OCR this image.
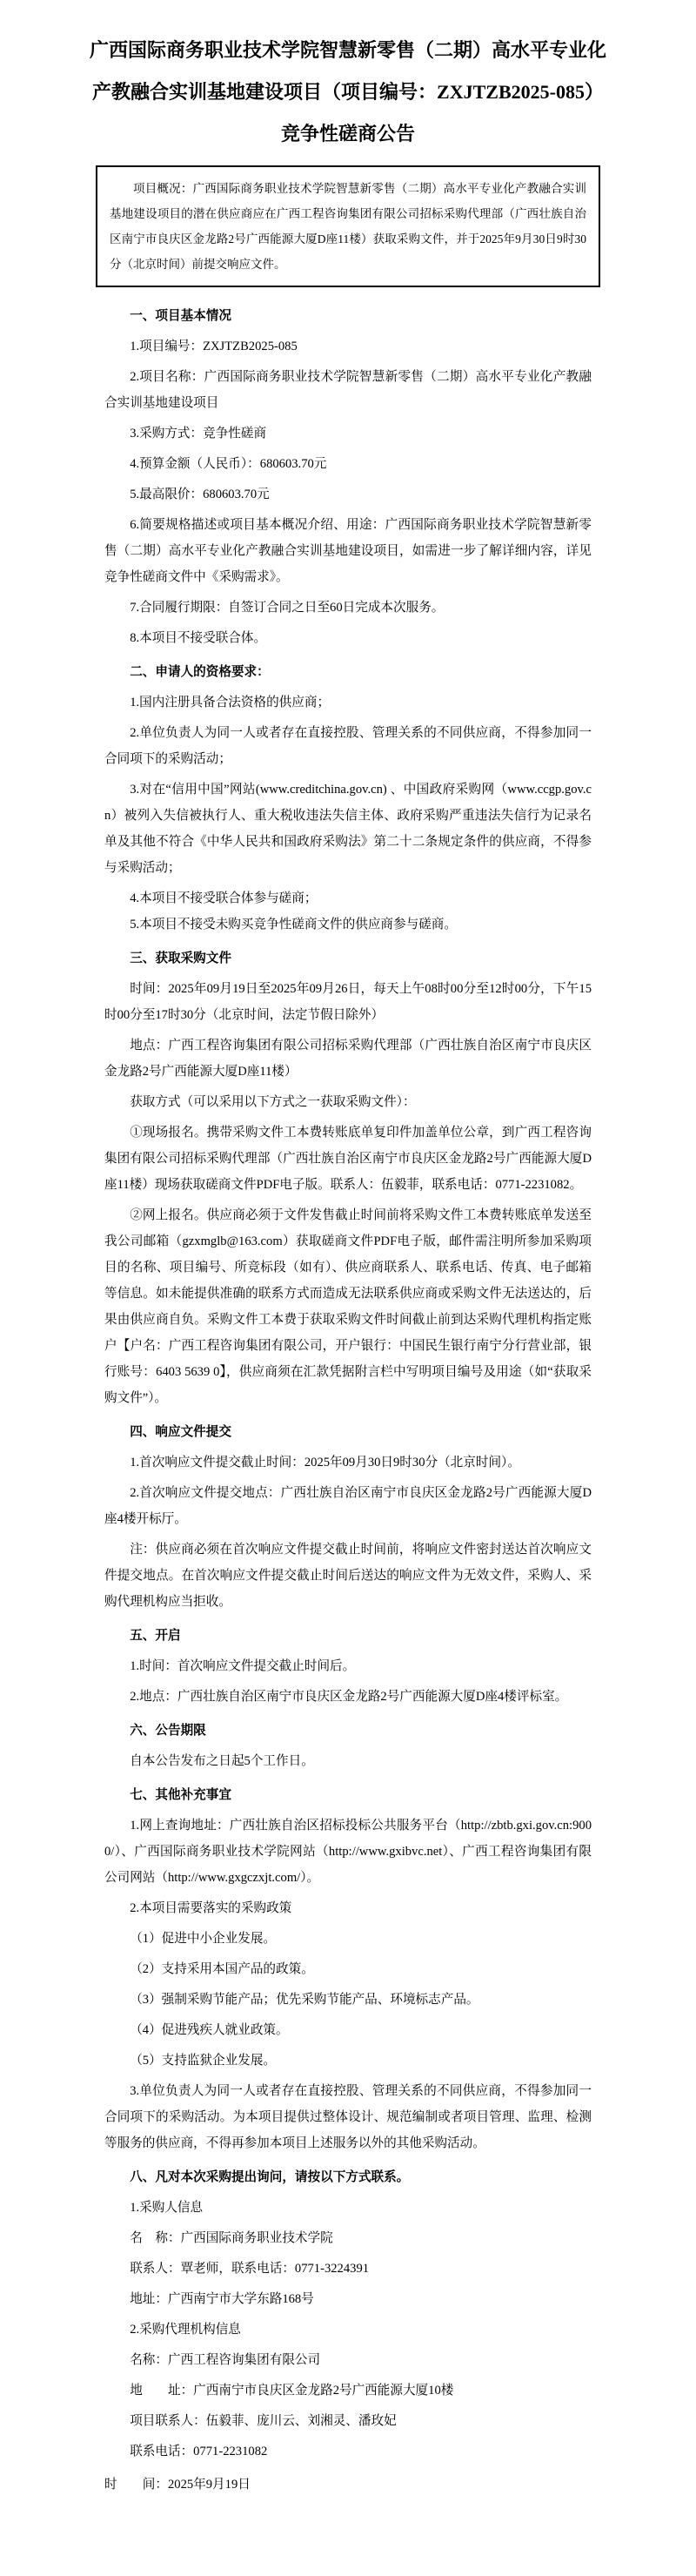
广西国际商务职业技术学院智慧新零售（二期）高水平专业化产教融合实训基地建设项目（项目编号：ZXJTZB2025-085）竞争性磋商公告
项目概况：广西国际商务职业技术学院智慧新零售（二期）高水平专业化产教融合实训基地建设项目的潜在供应商应在广西工程咨询集团有限公司招标采购代理部（广西壮族自治区南宁市良庆区金龙路2号广西能源大厦D座11楼）获取采购文件，并于2025年9月30日9时30分（北京时间）前提交响应文件。

一、项目基本情况

1.项目编号：ZXJTZB2025-085

2.项目名称：广西国际商务职业技术学院智慧新零售（二期）高水平专业化产教融合实训基地建设项目

3.采购方式：竞争性磋商

4.预算金额（人民币）：680603.70元

5.最高限价：680603.70元

6.简要规格描述或项目基本概况介绍、用途：广西国际商务职业技术学院智慧新零售（二期）高水平专业化产教融合实训基地建设项目，如需进一步了解详细内容，详见竞争性磋商文件中《采购需求》。

7.合同履行期限：自签订合同之日至60日完成本次服务。

8.本项目不接受联合体。

二、申请人的资格要求：

1.国内注册具备合法资格的供应商；

2.单位负责人为同一人或者存在直接控股、管理关系的不同供应商，不得参加同一合同项下的采购活动；

3.对在“信用中国”网站(www.creditchina.gov.cn) 、中国政府采购网（www.ccgp.gov.cn）被列入失信被执行人、重大税收违法失信主体、政府采购严重违法失信行为记录名单及其他不符合《中华人民共和国政府采购法》第二十二条规定条件的供应商，不得参与采购活动；

4.本项目不接受联合体参与磋商；

5.本项目不接受未购买竞争性磋商文件的供应商参与磋商。

三、获取采购文件

时间：2025年09月19日至2025年09月26日，每天上午08时00分至12时00分，下午15时00分至17时30分（北京时间，法定节假日除外）

地点：广西工程咨询集团有限公司招标采购代理部（广西壮族自治区南宁市良庆区金龙路2号广西能源大厦D座11楼）

获取方式（可以采用以下方式之一获取采购文件）：

①现场报名。携带采购文件工本费转账底单复印件加盖单位公章，到广西工程咨询集团有限公司招标采购代理部（广西壮族自治区南宁市良庆区金龙路2号广西能源大厦D座11楼）现场获取磋商文件PDF电子版。联系人：伍毅菲，联系电话：0771-2231082。

②网上报名。供应商必须于文件发售截止时间前将采购文件工本费转账底单发送至我公司邮箱（gzxmglb@163.com）获取磋商文件PDF电子版，邮件需注明所参加采购项目的名称、项目编号、所竞标段（如有）、供应商联系人、联系电话、传真、电子邮箱等信息。如未能提供准确的联系方式而造成无法联系供应商或采购文件无法送达的，后果由供应商自负。采购文件工本费于获取采购文件时间截止前到达采购代理机构指定账户【户名：广西工程咨询集团有限公司，开户银行：中国民生银行南宁分行营业部，银行账号：6403 5639 0】，供应商须在汇款凭据附言栏中写明项目编号及用途（如“获取采购文件”）。

四、响应文件提交

1.首次响应文件提交截止时间：2025年09月30日9时30分（北京时间）。

2.首次响应文件提交地点：广西壮族自治区南宁市良庆区金龙路2号广西能源大厦D座4楼开标厅。

注：供应商必须在首次响应文件提交截止时间前，将响应文件密封送达首次响应文件提交地点。在首次响应文件提交截止时间后送达的响应文件为无效文件，采购人、采购代理机构应当拒收。

五、开启

1.时间：首次响应文件提交截止时间后。

2.地点：广西壮族自治区南宁市良庆区金龙路2号广西能源大厦D座4楼评标室。

六、公告期限

自本公告发布之日起5个工作日。

七、其他补充事宜

1.网上查询地址：广西壮族自治区招标投标公共服务平台（http://zbtb.gxi.gov.cn:9000/）、广西国际商务职业技术学院网站（http://www.gxibvc.net）、广西工程咨询集团有限公司网站（http://www.gxgczxjt.com/）。

2.本项目需要落实的采购政策

（1）促进中小企业发展。

（2）支持采用本国产品的政策。

（3）强制采购节能产品；优先采购节能产品、环境标志产品。

（4）促进残疾人就业政策。

（5）支持监狱企业发展。

3.单位负责人为同一人或者存在直接控股、管理关系的不同供应商，不得参加同一合同项下的采购活动。为本项目提供过整体设计、规范编制或者项目管理、监理、检测等服务的供应商，不得再参加本项目上述服务以外的其他采购活动。

八、凡对本次采购提出询问，请按以下方式联系。

1.采购人信息

名　称：广西国际商务职业技术学院

联系人：覃老师，联系电话：0771-3224391

地址：广西南宁市大学东路168号

2.采购代理机构信息

名称：广西工程咨询集团有限公司

地　　址：广西南宁市良庆区金龙路2号广西能源大厦10楼

项目联系人：伍毅菲、庞川云、刘湘灵、潘玫妃

联系电话：0771-2231082

时　　间：2025年9月19日
